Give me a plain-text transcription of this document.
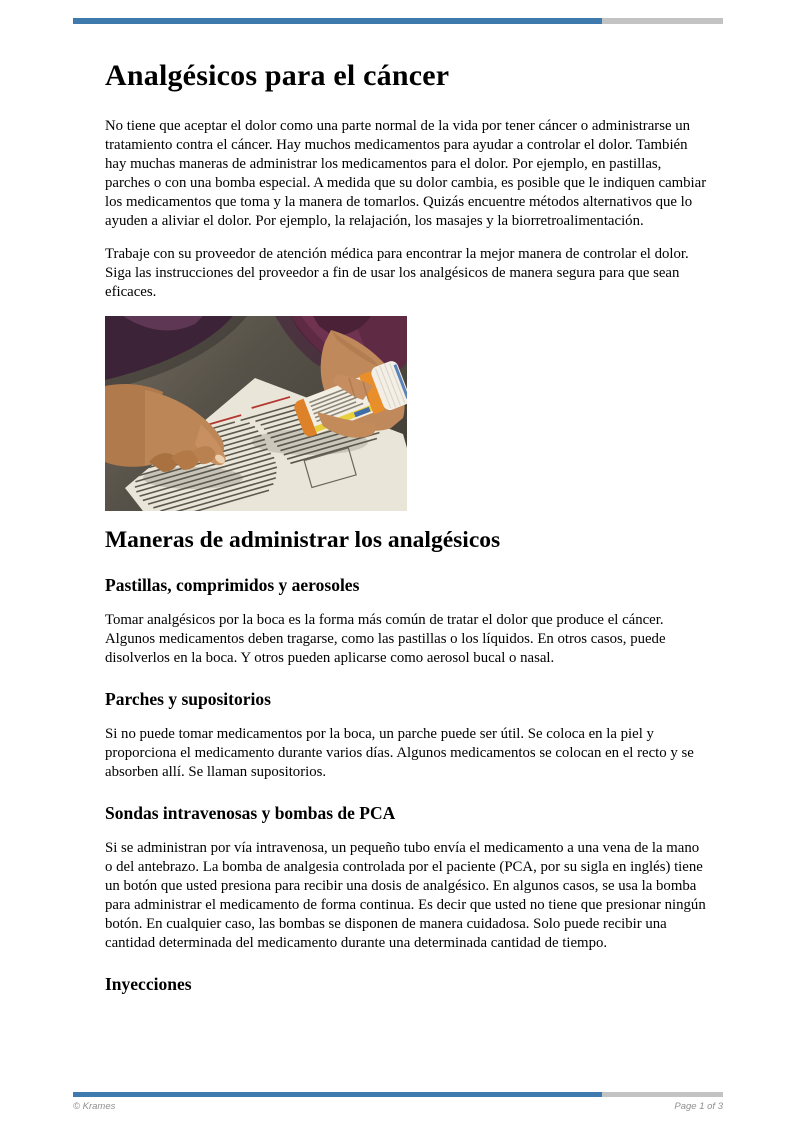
Analgésicos para el cáncer

No tiene que aceptar el dolor como una parte normal de la vida por tener cáncer o administrarse un tratamiento contra el cáncer. Hay muchos medicamentos para ayudar a controlar el dolor. También hay muchas maneras de administrar los medicamentos para el dolor. Por ejemplo, en pastillas, parches o con una bomba especial. A medida que su dolor cambia, es posible que le indiquen cambiar los medicamentos que toma y la manera de tomarlos. Quizás encuentre métodos alternativos que lo ayuden a aliviar el dolor. Por ejemplo, la relajación, los masajes y la biorretroalimentación.

Trabaje con su proveedor de atención médica para encontrar la mejor manera de controlar el dolor. Siga las instrucciones del proveedor a fin de usar los analgésicos de manera segura para que sean eficaces.

Maneras de administrar los analgésicos
Pastillas, comprimidos y aerosoles

Tomar analgésicos por la boca es la forma más común de tratar el dolor que produce el cáncer. Algunos medicamentos deben tragarse, como las pastillas o los líquidos. En otros casos, puede disolverlos en la boca. Y otros pueden aplicarse como aerosol bucal o nasal.

Parches y supositorios

Si no puede tomar medicamentos por la boca, un parche puede ser útil. Se coloca en la piel y proporciona el medicamento durante varios días. Algunos medicamentos se colocan en el recto y se absorben allí. Se llaman supositorios.

Sondas intravenosas y bombas de PCA

Si se administran por vía intravenosa, un pequeño tubo envía el medicamento a una vena de la mano o del antebrazo. La bomba de analgesia controlada por el paciente (PCA, por su sigla en inglés) tiene un botón que usted presiona para recibir una dosis de analgésico. En algunos casos, se usa la bomba para administrar el medicamento de forma continua. Es decir que usted no tiene que presionar ningún botón. En cualquier caso, las bombas se disponen de manera cuidadosa. Solo puede recibir una cantidad determinada del medicamento durante una determinada cantidad de tiempo.

Inyecciones
© Krames	Page 1 of 3
